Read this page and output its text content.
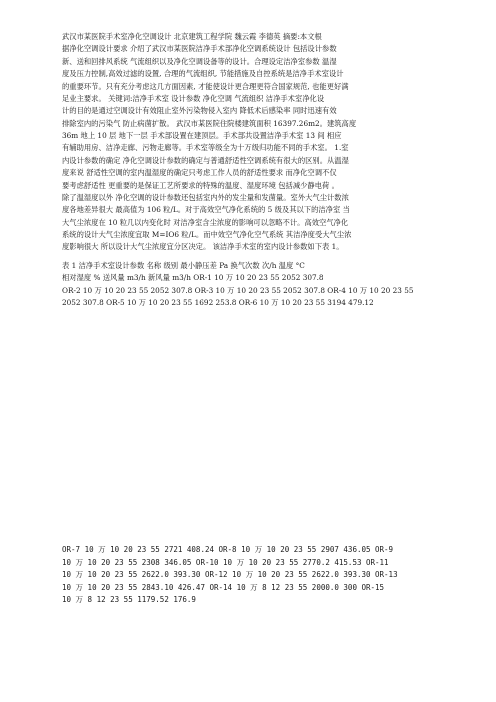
武汉市某医院手术室净化空调设计 北京建筑工程学院 魏云霞 李德英 摘要:本文根
据净化空调设计要求 介绍了武汉市某医院洁净手术部净化空调系统设计 包括设计参数
新、送和回排风系统 气流组织以及净化空调设备等的设计。合理设定洁净室参数 温湿
度及压力控制,高效过滤的设置, 合理的气流组织, 节能措施及自控系统是洁净手术室设计
的重要环节。只有充分考虑这几方面因素, 才能使设计更合理更符合国家规范, 也能更好满
足业主要求。 关键词:洁净手术室 设计参数 净化空调 气流组织 洁净手术室净化设
计的目的是通过空调设计有效阻止室外污染物侵入室内 降低术后感染率 同时迅速有效
排除室内的污染气 防止病菌扩散。 武汉市某医院住院楼建筑面积 16397.26m2。建筑高度
36m 地上 10 层 地下一层 手术部设置在建顶层。手术部共设置洁净手术室 13 间 相应
有辅助用房、洁净走廊、污物走廊等。手术室等级全为十万级归功能不同的手术室。 1.室
内设计参数的确定 净化空调设计参数的确定与普通舒适性空调系统有很大的区别。从温湿
度来说 舒适性空调的室内温湿度的确定只考虑工作人员的舒适性要求 而净化空调不仅
要考虑舒适性 更重要的是保证工艺所要求的特殊的温度、湿度环境 包括减少静电荷 。
除了温湿度以外 净化空调的设计参数还包括室内外的发尘量和发菌量。室外大气尘计数浓
度各地差异很大 最高值为 106 粒/L。对于高效空气净化系统的 5 级及其以下的洁净室 当
大气尘浓度在 10 粒几以内变化时 对洁净室含尘浓度的影响可以忽略不计。高效空气净化
系统的设计大气尘浓度宜取 M=IO6 粒/L。而中效空气净化空气系统 其洁净度受大气尘浓
度影响很大 所以设计大气尘浓度宜分区决定。 该洁净手术室的室内设计参数如下表 1。
表 1 洁净手术室设计参数 名称 级别 最小静压差 Pa 换气次数 次/h 温度 °C
相对湿度 % 送风量 m3/h 新风量 m3/h OR-1 10 万 10 20 23 55 2052 307.8
OR-2 10 万 10 20 23 55 2052 307.8 OR-3 10 万 10 20 23 55 2052 307.8 OR-4 10 万 10 20 23 55
2052 307.8 OR-5 10 万 10 20 23 55 1692 253.8 OR-6 10 万 10 20 23 55 3194 479.12
OR-7 10 万 10 20 23 55 2721 408.24 OR-8 10 万 10 20 23 55 2907 436.05 OR-9
10 万 10 20 23 55 2308 346.05 OR-10 10 万 10 20 23 55 2770.2 415.53 OR-11
10 万 10 20 23 55 2622.0 393.30 OR-12 10 万 10 20 23 55 2622.0 393.30 OR-13
10 万 10 20 23 55 2843.10 426.47 OR-14 10 万 8 12 23 55 2000.0 300 OR-15
10 万 8 12 23 55 1179.52 176.9
